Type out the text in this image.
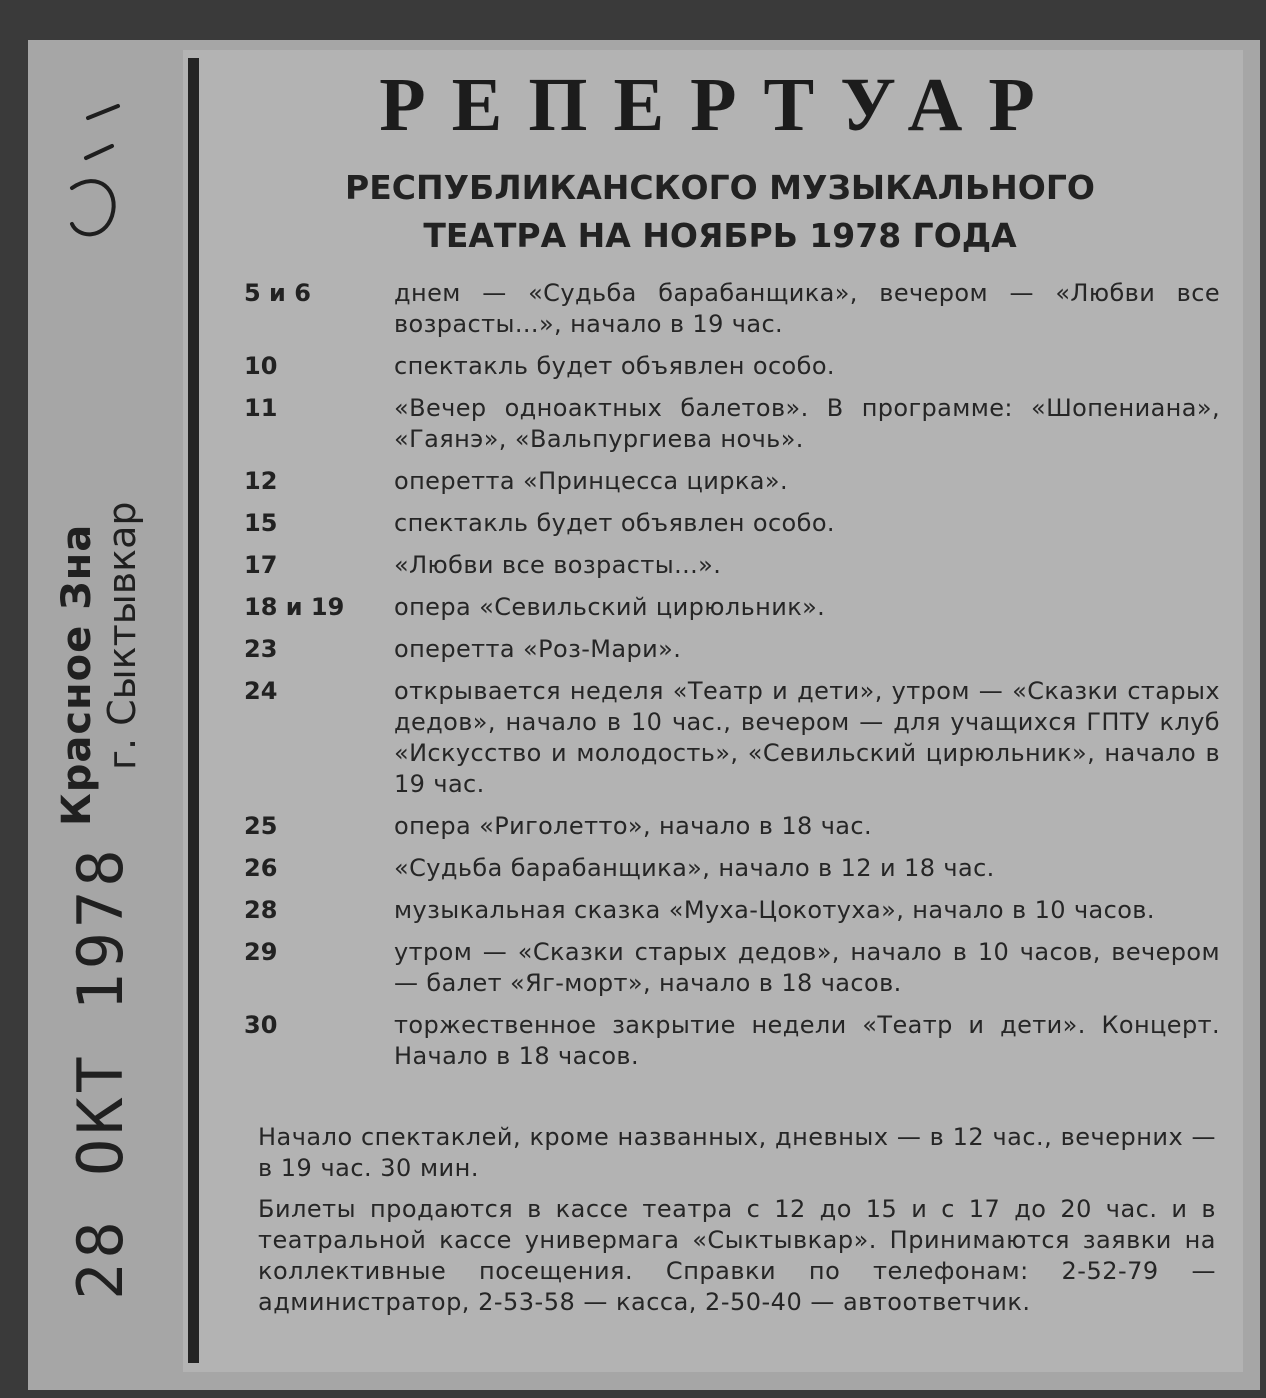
28 ОКТ 1978
Красное Зна г. Сыктывкар
РЕПЕРТУАР
РЕСПУБЛИКАНСКОГО МУЗЫКАЛЬНОГО
ТЕАТРА НА НОЯБРЬ 1978 ГОДА
5 и 6	днем — «Судьба барабанщика», вечером — «Любви все возрасты...», начало в 19 час.
10	спектакль будет объявлен особо.
11	«Вечер одноактных балетов». В программе: «Шопениана», «Гаянэ», «Вальпургиева ночь».
12	оперетта «Принцесса цирка».
15	спектакль будет объявлен особо.
17	«Любви все возрасты...».
18 и 19	опера «Севильский цирюльник».
23	оперетта «Роз-Мари».
24	открывается неделя «Театр и дети», утром — «Сказки старых дедов», начало в 10 час., вечером — для учащихся ГПТУ клуб «Искусство и молодость», «Севильский цирюльник», начало в 19 час.
25	опера «Риголетто», начало в 18 час.
26	«Судьба барабанщика», начало в 12 и 18 час.
28	музыкальная сказка «Муха-Цокотуха», начало в 10 часов.
29	утром — «Сказки старых дедов», начало в 10 часов, вечером — балет «Яг-морт», начало в 18 часов.
30	торжественное закрытие недели «Театр и дети». Концерт. Начало в 18 часов.

Начало спектаклей, кроме названных, дневных — в 12 час., вечерних — в 19 час. 30 мин.

Билеты продаются в кассе театра с 12 до 15 и с 17 до 20 час. и в театральной кассе универмага «Сыктывкар». Принимаются заявки на коллективные посещения. Справки по телефонам: 2-52-79 — администратор, 2-53-58 — касса, 2-50-40 — автоответчик.
